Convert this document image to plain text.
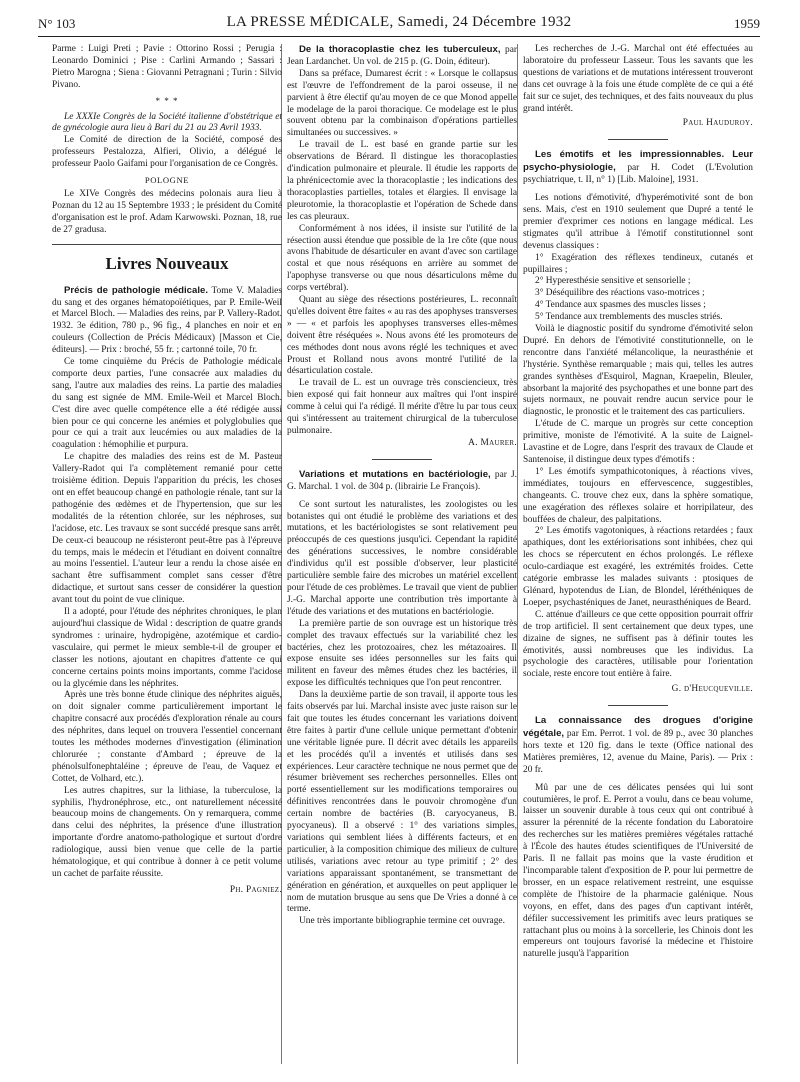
N° 103	LA PRESSE MÉDICALE, Samedi, 24 Décembre 1932	1959

Parme : Luigi Preti ; Pavie : Ottorino Rossi ; Perugia : Leonardo Dominici ; Pise : Carlini Armando ; Sassari : Pietro Marogna ; Siena : Giovanni Petragnani ; Turin : Silvio Pivano.

* * *

Le XXXIe Congrès de la Société italienne d'obstétrique et de gynécologie aura lieu à Bari du 21 au 23 Avril 1933.

Le Comité de direction de la Société, composé des professeurs Pestalozza, Alfieri, Olivio, a délégué le professeur Paolo Gaifami pour l'organisation de ce Congrès.

POLOGNE

Le XIVe Congrès des médecins polonais aura lieu à Poznan du 12 au 15 Septembre 1933 ; le président du Comité d'organisation est le prof. Adam Karwowski. Poznan, 18, rue de 27 gradusa.

Livres Nouveaux

Précis de pathologie médicale. Tome V. Maladies du sang et des organes hématopoïétiques, par P. Emile-Weil et Marcel Bloch. — Maladies des reins, par P. Vallery-Radot. 1932. 3e édition, 780 p., 96 fig., 4 planches en noir et en couleurs (Collection de Précis Médicaux) [Masson et Cie, éditeurs]. — Prix : broché, 55 fr. ; cartonné toile, 70 fr.

Ce tome cinquième du Précis de Pathologie médicale comporte deux parties, l'une consacrée aux maladies du sang, l'autre aux maladies des reins. La partie des maladies du sang est signée de MM. Emile-Weil et Marcel Bloch. C'est dire avec quelle compétence elle a été rédigée aussi bien pour ce qui concerne les anémies et polyglobulies que pour ce qui a trait aux leucémies ou aux maladies de la coagulation : hémophilie et purpura.

Le chapitre des maladies des reins est de M. Pasteur Vallery-Radot qui l'a complètement remanié pour cette troisième édition. Depuis l'apparition du précis, les choses ont en effet beaucoup changé en pathologie rénale, tant sur la pathogénie des œdèmes et de l'hypertension, que sur les modalités de la rétention chlorée, sur les néphroses, sur l'acidose, etc. Les travaux se sont succédé presque sans arrêt. De ceux-ci beaucoup ne résisteront peut-être pas à l'épreuve du temps, mais le médecin et l'étudiant en doivent connaître au moins l'essentiel. L'auteur leur a rendu la chose aisée en sachant être suffisamment complet sans cesser d'être didactique, et surtout sans cesser de considérer la question avant tout du point de vue clinique.

Il a adopté, pour l'étude des néphrites chroniques, le plan aujourd'hui classique de Widal : description de quatre grands syndromes : urinaire, hydropigène, azotémique et cardio-vasculaire, qui permet le mieux semble-t-il de grouper et classer les notions, ajoutant en chapitres d'attente ce qui concerne certains points moins importants, comme l'acidose ou la glycémie dans les néphrites.

Après une très bonne étude clinique des néphrites aiguës, on doit signaler comme particulièrement important le chapitre consacré aux procédés d'exploration rénale au cours des néphrites, dans lequel on trouvera l'essentiel concernant toutes les méthodes modernes d'investigation (élimination chlorurée ; constante d'Ambard ; épreuve de la phénolsulfonephtaléine ; épreuve de l'eau, de Vaquez et Cottet, de Volhard, etc.).

Les autres chapitres, sur la lithiase, la tuberculose, la syphilis, l'hydronéphrose, etc., ont naturellement nécessité beaucoup moins de changements. On y remarquera, comme dans celui des néphrites, la présence d'une illustration importante d'ordre anatomo-pathologique et surtout d'ordre radiologique, aussi bien venue que celle de la partie hématologique, et qui contribue à donner à ce petit volume un cachet de parfaite réussite.

Ph. Pagniez.

De la thoracoplastie chez les tuberculeux, par Jean Lardanchet. Un vol. de 215 p. (G. Doin, éditeur).

Dans sa préface, Dumarest écrit : « Lorsque le collapsus est l'œuvre de l'effondrement de la paroi osseuse, il ne parvient à être électif qu'au moyen de ce que Monod appelle le modelage de la paroi thoracique. Ce modelage est le plus souvent obtenu par la combinaison d'opérations partielles simultanées ou successives. »

Le travail de L. est basé en grande partie sur les observations de Bérard. Il distingue les thoracoplasties d'indication pulmonaire et pleurale. Il étudie les rapports de la phrénicectomie avec la thoracoplastie ; les indications des thoracoplasties partielles, totales et élargies. Il envisage la pleurotomie, la thoracoplastie et l'opération de Schede dans les cas pleuraux.

Conformément à nos idées, il insiste sur l'utilité de la résection aussi étendue que possible de la 1re côte (que nous avons l'habitude de désarticuler en avant d'avec son cartilage costal et que nous réséquons en arrière au sommet de l'apophyse transverse ou que nous désarticulons même du corps vertébral).

Quant au siège des résections postérieures, L. reconnaît qu'elles doivent être faites « au ras des apophyses transverses » — « et parfois les apophyses transverses elles-mêmes doivent être réséquées ». Nous avons été les promoteurs de ces méthodes dont nous avons réglé les techniques et avec Proust et Rolland nous avons montré l'utilité de la désarticulation costale.

Le travail de L. est un ouvrage très consciencieux, très bien exposé qui fait honneur aux maîtres qui l'ont inspiré comme à celui qui l'a rédigé. Il mérite d'être lu par tous ceux qui s'intéressent au traitement chirurgical de la tuberculose pulmonaire.

A. Maurer.

Variations et mutations en bactériologie, par J. G. Marchal. 1 vol. de 304 p. (librairie Le François).

Ce sont surtout les naturalistes, les zoologistes ou les botanistes qui ont étudié le problème des variations et des mutations, et les bactériologistes se sont relativement peu préoccupés de ces questions jusqu'ici. Cependant la rapidité des générations successives, le nombre considérable d'individus qu'il est possible d'observer, leur plasticité particulière semble faire des microbes un matériel excellent pour l'étude de ces problèmes. Le travail que vient de publier J.-G. Marchal apporte une contribution très importante à l'étude des variations et des mutations en bactériologie.

La première partie de son ouvrage est un historique très complet des travaux effectués sur la variabilité chez les bactéries, chez les protozoaires, chez les métazoaires. Il expose ensuite ses idées personnelles sur les faits qui militent en faveur des mêmes études chez les bactéries, il expose les difficultés techniques que l'on peut rencontrer.

Dans la deuxième partie de son travail, il apporte tous les faits observés par lui. Marchal insiste avec juste raison sur le fait que toutes les études concernant les variations doivent être faites à partir d'une cellule unique permettant d'obtenir une véritable lignée pure. Il décrit avec détails les appareils et les procédés qu'il a inventés et utilisés dans ses expériences. Leur caractère technique ne nous permet que de résumer brièvement ses recherches personnelles. Elles ont porté essentiellement sur les modifications temporaires ou définitives rencontrées dans le pouvoir chromogène d'un certain nombre de bactéries (B. caryocyaneus, B. pyocyaneus). Il a observé : 1° des variations simples, variations qui semblent liées à différents facteurs, et en particulier, à la composition chimique des milieux de culture utilisés, variations avec retour au type primitif ; 2° des variations apparaissant spontanément, se transmettant de génération en génération, et auxquelles on peut appliquer le nom de mutation brusque au sens que De Vries a donné à ce terme.

Une très importante bibliographie termine cet ouvrage.

Les recherches de J.-G. Marchal ont été effectuées au laboratoire du professeur Lasseur. Tous les savants que les questions de variations et de mutations intéressent trouveront dans cet ouvrage à la fois une étude complète de ce qui a été fait sur ce sujet, des techniques, et des faits nouveaux du plus grand intérêt.

Paul Hauduroy.

Les émotifs et les impressionnables. Leur psycho-physiologie, par H. Codet (L'Evolution psychiatrique, t. II, n° 1) [Lib. Maloine], 1931.

Les notions d'émotivité, d'hyperémotivité sont de bon sens. Mais, c'est en 1910 seulement que Dupré a tenté le premier d'exprimer ces notions en langage médical. Les stigmates qu'il attribue à l'émotif constitutionnel sont devenus classiques :

1° Exagération des réflexes tendineux, cutanés et pupillaires ;

2° Hyperesthésie sensitive et sensorielle ;

3° Déséquilibre des réactions vaso-motrices ;

4° Tendance aux spasmes des muscles lisses ;

5° Tendance aux tremblements des muscles striés.

Voilà le diagnostic positif du syndrome d'émotivité selon Dupré. En dehors de l'émotivité constitutionnelle, on le rencontre dans l'anxiété mélancolique, la neurasthénie et l'hystérie. Synthèse remarquable ; mais qui, telles les autres grandes synthèses d'Esquirol, Magnan, Kraepelin, Bleuler, absorbant la majorité des psychopathes et une bonne part des sujets normaux, ne pouvait rendre aucun service pour le diagnostic, le pronostic et le traitement des cas particuliers.

L'étude de C. marque un progrès sur cette conception primitive, moniste de l'émotivité. A la suite de Laignel-Lavastine et de Logre, dans l'esprit des travaux de Claude et Santenoise, il distingue deux types d'émotifs :

1° Les émotifs sympathicotoniques, à réactions vives, immédiates, toujours en effervescence, suggestibles, changeants. C. trouve chez eux, dans la sphère somatique, une exagération des réflexes solaire et horripilateur, des bouffées de chaleur, des palpitations.

2° Les émotifs vagotoniques, à réactions retardées ; faux apathiques, dont les extériorisations sont inhibées, chez qui les chocs se répercutent en échos prolongés. Le réflexe oculo-cardiaque est exagéré, les extrémités froides. Cette catégorie embrasse les malades suivants : ptosiques de Glénard, hypotendus de Lian, de Blondel, léréthéniques de Loeper, psychasténiques de Janet, neurasthéniques de Beard.

C. atténue d'ailleurs ce que cette opposition pourrait offrir de trop artificiel. Il sent certainement que deux types, une dizaine de signes, ne suffisent pas à définir toutes les émotivités, aussi nombreuses que les individus. La psychologie des caractères, utilisable pour l'orientation sociale, reste encore tout entière à faire.

G. d'Heucqueville.

La connaissance des drogues d'origine végétale, par Em. Perrot. 1 vol. de 89 p., avec 30 planches hors texte et 120 fig. dans le texte (Office national des Matières premières, 12, avenue du Maine, Paris). — Prix : 20 fr.

Mû par une de ces délicates pensées qui lui sont coutumières, le prof. E. Perrot a voulu, dans ce beau volume, laisser un souvenir durable à tous ceux qui ont contribué à assurer la pérennité de la récente fondation du Laboratoire des recherches sur les matières premières végétales rattaché à l'École des hautes études scientifiques de l'Université de Paris. Il ne fallait pas moins que la vaste érudition et l'incomparable talent d'exposition de P. pour lui permettre de brosser, en un espace relativement restreint, une esquisse complète de l'histoire de la pharmacie galénique. Nous voyons, en effet, dans des pages d'un captivant intérêt, défiler successivement les primitifs avec leurs pratiques se rattachant plus ou moins à la sorcellerie, les Chinois dont les empereurs ont toujours favorisé la médecine et l'histoire naturelle jusqu'à l'apparition
